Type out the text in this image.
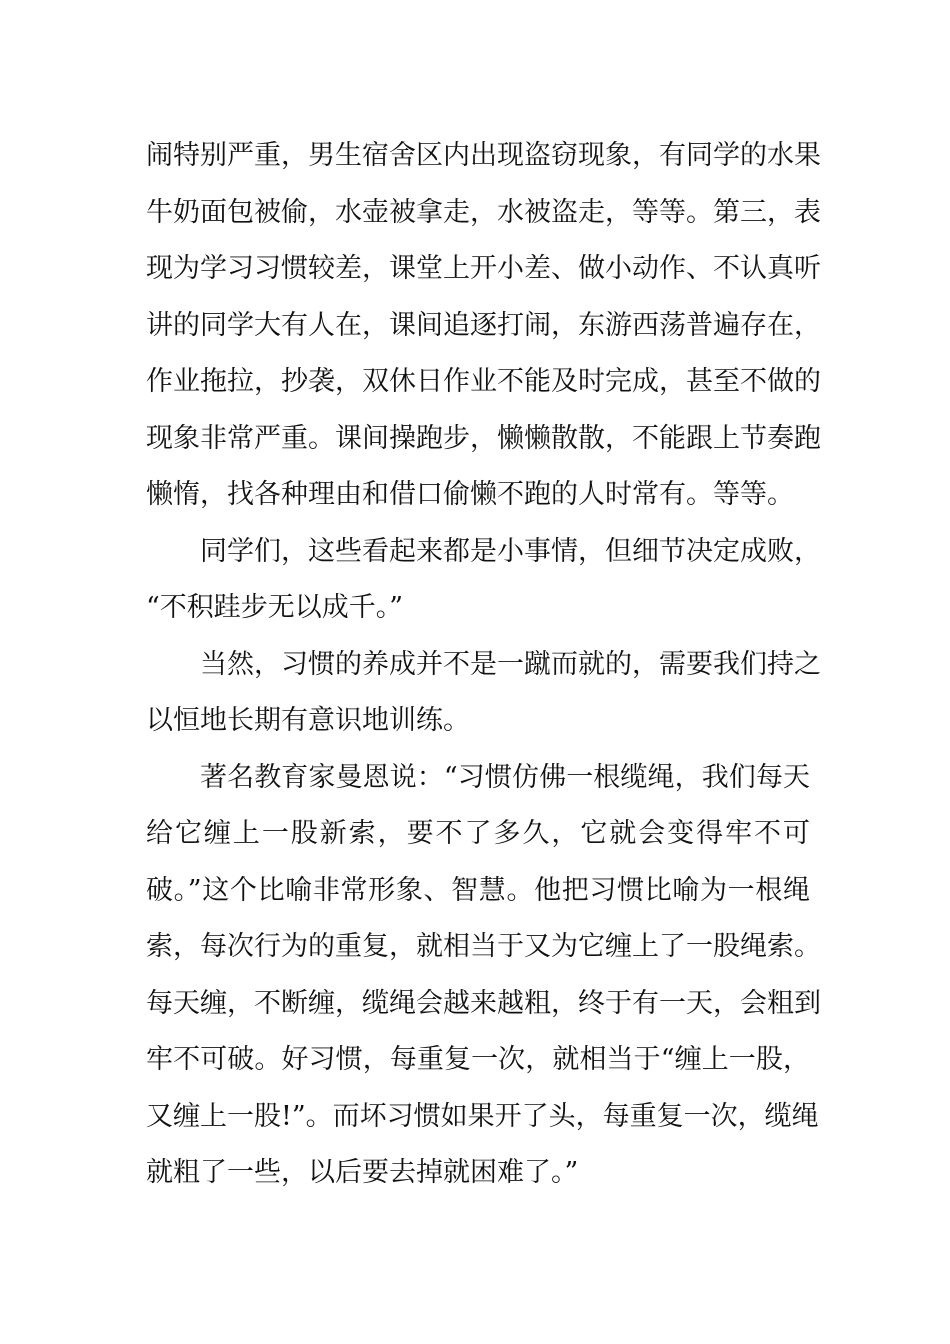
闹特别严重，男生宿舍区内出现盗窃现象，有同学的水果
牛奶面包被偷，水壶被拿走，水被盗走，等等。第三，表
现为学习习惯较差，课堂上开小差、做小动作、不认真听
讲的同学大有人在，课间追逐打闹，东游西荡普遍存在，
作业拖拉，抄袭，双休日作业不能及时完成，甚至不做的
现象非常严重。课间操跑步，懒懒散散，不能跟上节奏跑
懒惰，找各种理由和借口偷懒不跑的人时常有。等等。
同学们，这些看起来都是小事情，但细节决定成败，
“不积跬步无以成千。”
当然，习惯的养成并不是一蹴而就的，需要我们持之
以恒地长期有意识地训练。
著名教育家曼恩说：“习惯仿佛一根缆绳，我们每天
给它缠上一股新索，要不了多久，它就会变得牢不可
破。”这个比喻非常形象、智慧。他把习惯比喻为一根绳
索，每次行为的重复，就相当于又为它缠上了一股绳索。
每天缠，不断缠，缆绳会越来越粗，终于有一天，会粗到
牢不可破。好习惯，每重复一次，就相当于“缠上一股，
又缠上一股!”。而坏习惯如果开了头，每重复一次，缆绳
就粗了一些，以后要去掉就困难了。”
